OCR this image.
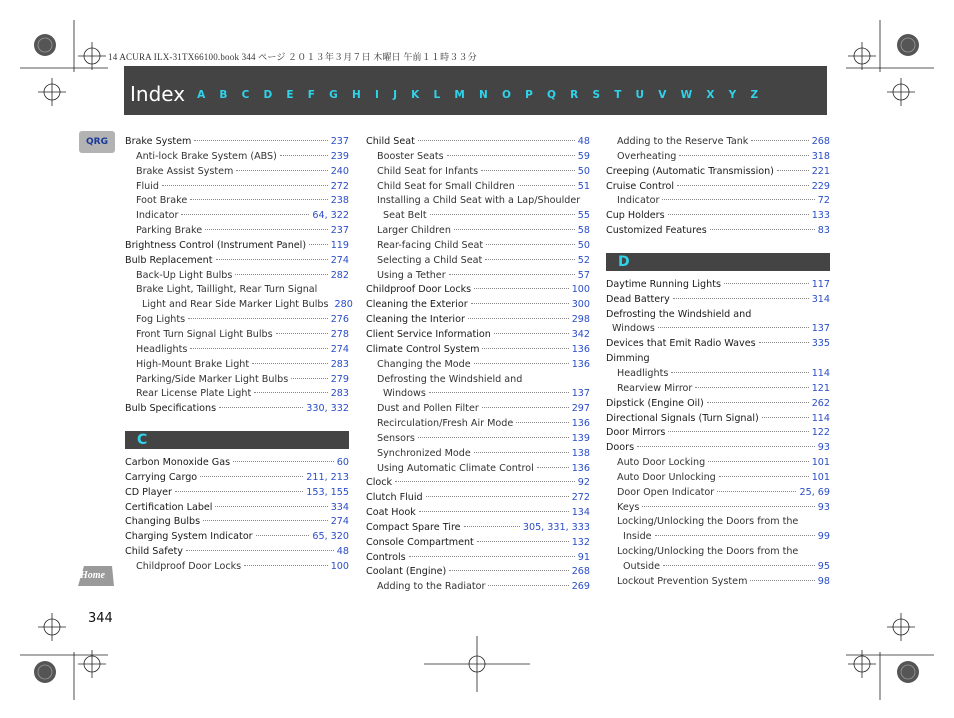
14 ACURA ILX-31TX66100.book 344 ページ ２０１３年３月７日 木曜日 午前１１時３３分
Index A B C D E F G H I J K L M N O P Q R S T U V W X Y Z
QRG
Home
344
Brake System	237
Anti-lock Brake System (ABS)	239
Brake Assist System	240
Fluid	272
Foot Brake	238
Indicator	64, 322
Parking Brake	237
Brightness Control (Instrument Panel)	119
Bulb Replacement	274
Back-Up Light Bulbs	282
Brake Light, Taillight, Rear Turn Signal
Light and Rear Side Marker Light Bulbs 280
Fog Lights	276
Front Turn Signal Light Bulbs	278
Headlights	274
High-Mount Brake Light	283
Parking/Side Marker Light Bulbs	279
Rear License Plate Light	283
Bulb Specifications	330, 332
C
Carbon Monoxide Gas	60
Carrying Cargo	211, 213
CD Player	153, 155
Certification Label	334
Changing Bulbs	274
Charging System Indicator	65, 320
Child Safety	48
Childproof Door Locks	100
Child Seat	48
Booster Seats	59
Child Seat for Infants	50
Child Seat for Small Children	51
Installing a Child Seat with a Lap/Shoulder
Seat Belt	55
Larger Children	58
Rear-facing Child Seat	50
Selecting a Child Seat	52
Using a Tether	57
Childproof Door Locks	100
Cleaning the Exterior	300
Cleaning the Interior	298
Client Service Information	342
Climate Control System	136
Changing the Mode	136
Defrosting the Windshield and
Windows	137
Dust and Pollen Filter	297
Recirculation/Fresh Air Mode	136
Sensors	139
Synchronized Mode	138
Using Automatic Climate Control	136
Clock	92
Clutch Fluid	272
Coat Hook	134
Compact Spare Tire	305, 331, 333
Console Compartment	132
Controls	91
Coolant (Engine)	268
Adding to the Radiator	269
Adding to the Reserve Tank	268
Overheating	318
Creeping (Automatic Transmission)	221
Cruise Control	229
Indicator	72
Cup Holders	133
Customized Features	83
D
Daytime Running Lights	117
Dead Battery	314
Defrosting the Windshield and
Windows	137
Devices that Emit Radio Waves	335
Dimming
Headlights	114
Rearview Mirror	121
Dipstick (Engine Oil)	262
Directional Signals (Turn Signal)	114
Door Mirrors	122
Doors	93
Auto Door Locking	101
Auto Door Unlocking	101
Door Open Indicator	25, 69
Keys	93
Locking/Unlocking the Doors from the
Inside	99
Locking/Unlocking the Doors from the
Outside	95
Lockout Prevention System	98
